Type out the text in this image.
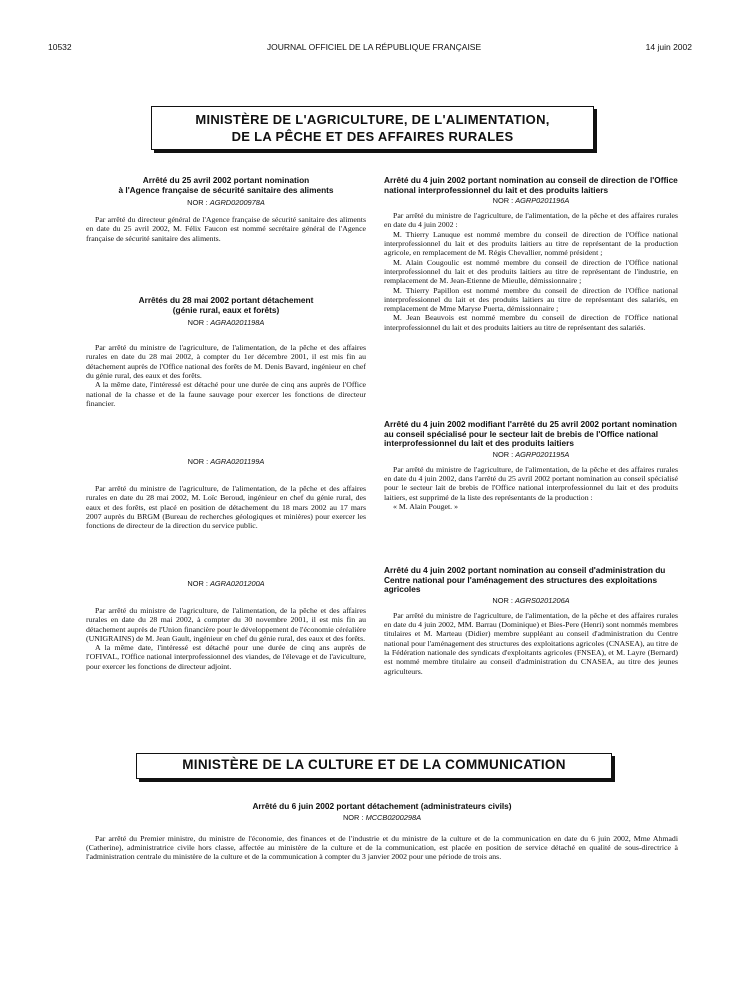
10532	JOURNAL OFFICIEL DE LA RÉPUBLIQUE FRANÇAISE	14 juin 2002
MINISTÈRE DE L'AGRICULTURE, DE L'ALIMENTATION,
DE LA PÊCHE ET DES AFFAIRES RURALES
Arrêté du 25 avril 2002 portant nomination
à l'Agence française de sécurité sanitaire des aliments
NOR : AGRD0200978A

Par arrêté du directeur général de l'Agence française de sécurité sanitaire des aliments en date du 25 avril 2002, M. Félix Faucon est nommé secrétaire général de l'Agence française de sécurité sanitaire des aliments.

Arrêtés du 28 mai 2002 portant détachement
(génie rural, eaux et forêts)
NOR : AGRA0201198A

Par arrêté du ministre de l'agriculture, de l'alimentation, de la pêche et des affaires rurales en date du 28 mai 2002, à compter du 1er décembre 2001, il est mis fin au détachement auprès de l'Office national des forêts de M. Denis Bavard, ingénieur en chef du génie rural, des eaux et des forêts.

A la même date, l'intéressé est détaché pour une durée de cinq ans auprès de l'Office national de la chasse et de la faune sauvage pour exercer les fonctions de directeur financier.

NOR : AGRA0201199A

Par arrêté du ministre de l'agriculture, de l'alimentation, de la pêche et des affaires rurales en date du 28 mai 2002, M. Loïc Beroud, ingénieur en chef du génie rural, des eaux et des forêts, est placé en position de détachement du 18 mars 2002 au 17 mars 2007 auprès du BRGM (Bureau de recherches géologiques et minières) pour exercer les fonctions de directeur de la direction du service public.

NOR : AGRA0201200A

Par arrêté du ministre de l'agriculture, de l'alimentation, de la pêche et des affaires rurales en date du 28 mai 2002, à compter du 30 novembre 2001, il est mis fin au détachement auprès de l'Union financière pour le développement de l'économie céréalière (UNIGRAINS) de M. Jean Gault, ingénieur en chef du génie rural, des eaux et des forêts.

A la même date, l'intéressé est détaché pour une durée de cinq ans auprès de l'OFIVAL, l'Office national interprofessionnel des viandes, de l'élevage et de l'aviculture, pour exercer les fonctions de directeur adjoint.

Arrêté du 4 juin 2002 portant nomination au conseil de direction de l'Office national interprofessionnel du lait et des produits laitiers
NOR : AGRP0201196A

Par arrêté du ministre de l'agriculture, de l'alimentation, de la pêche et des affaires rurales en date du 4 juin 2002 :

M. Thierry Lanuque est nommé membre du conseil de direction de l'Office national interprofessionnel du lait et des produits laitiers au titre de représentant de la production agricole, en remplacement de M. Régis Chevallier, nommé président ;

M. Alain Cougoulic est nommé membre du conseil de direction de l'Office national interprofessionnel du lait et des produits laitiers au titre de représentant de l'industrie, en remplacement de M. Jean-Etienne de Mieulle, démissionnaire ;

M. Thierry Papillon est nommé membre du conseil de direction de l'Office national interprofessionnel du lait et des produits laitiers au titre de représentant des salariés, en remplacement de Mme Maryse Puerta, démissionnaire ;

M. Jean Beauvois est nommé membre du conseil de direction de l'Office national interprofessionnel du lait et des produits laitiers au titre de représentant des salariés.

Arrêté du 4 juin 2002 modifiant l'arrêté du 25 avril 2002 portant nomination au conseil spécialisé pour le secteur lait de brebis de l'Office national interprofessionnel du lait et des produits laitiers
NOR : AGRP0201195A

Par arrêté du ministre de l'agriculture, de l'alimentation, de la pêche et des affaires rurales en date du 4 juin 2002, dans l'arrêté du 25 avril 2002 portant nomination au conseil spécialisé pour le secteur lait de brebis de l'Office national interprofessionnel du lait et des produits laitiers, est supprimé de la liste des représentants de la production :

« M. Alain Pouget. »

Arrêté du 4 juin 2002 portant nomination au conseil d'administration du Centre national pour l'aménagement des structures des exploitations agricoles
NOR : AGRS0201206A

Par arrêté du ministre de l'agriculture, de l'alimentation, de la pêche et des affaires rurales en date du 4 juin 2002, MM. Barrau (Dominique) et Bies-Pere (Henri) sont nommés membres titulaires et M. Marteau (Didier) membre suppléant au conseil d'administration du Centre national pour l'aménagement des structures des exploitations agricoles (CNASEA), au titre de la Fédération nationale des syndicats d'exploitants agricoles (FNSEA), et M. Layre (Bernard) est nommé membre titulaire au conseil d'administration du CNASEA, au titre des jeunes agriculteurs.

MINISTÈRE DE LA CULTURE ET DE LA COMMUNICATION
Arrêté du 6 juin 2002 portant détachement (administrateurs civils)
NOR : MCCB0200298A

Par arrêté du Premier ministre, du ministre de l'économie, des finances et de l'industrie et du ministre de la culture et de la communication en date du 6 juin 2002, Mme Ahmadi (Catherine), administratrice civile hors classe, affectée au ministère de la culture et de la communication, est placée en position de service détaché en qualité de sous-directrice à l'administration centrale du ministère de la culture et de la communication à compter du 3 janvier 2002 pour une période de trois ans.
